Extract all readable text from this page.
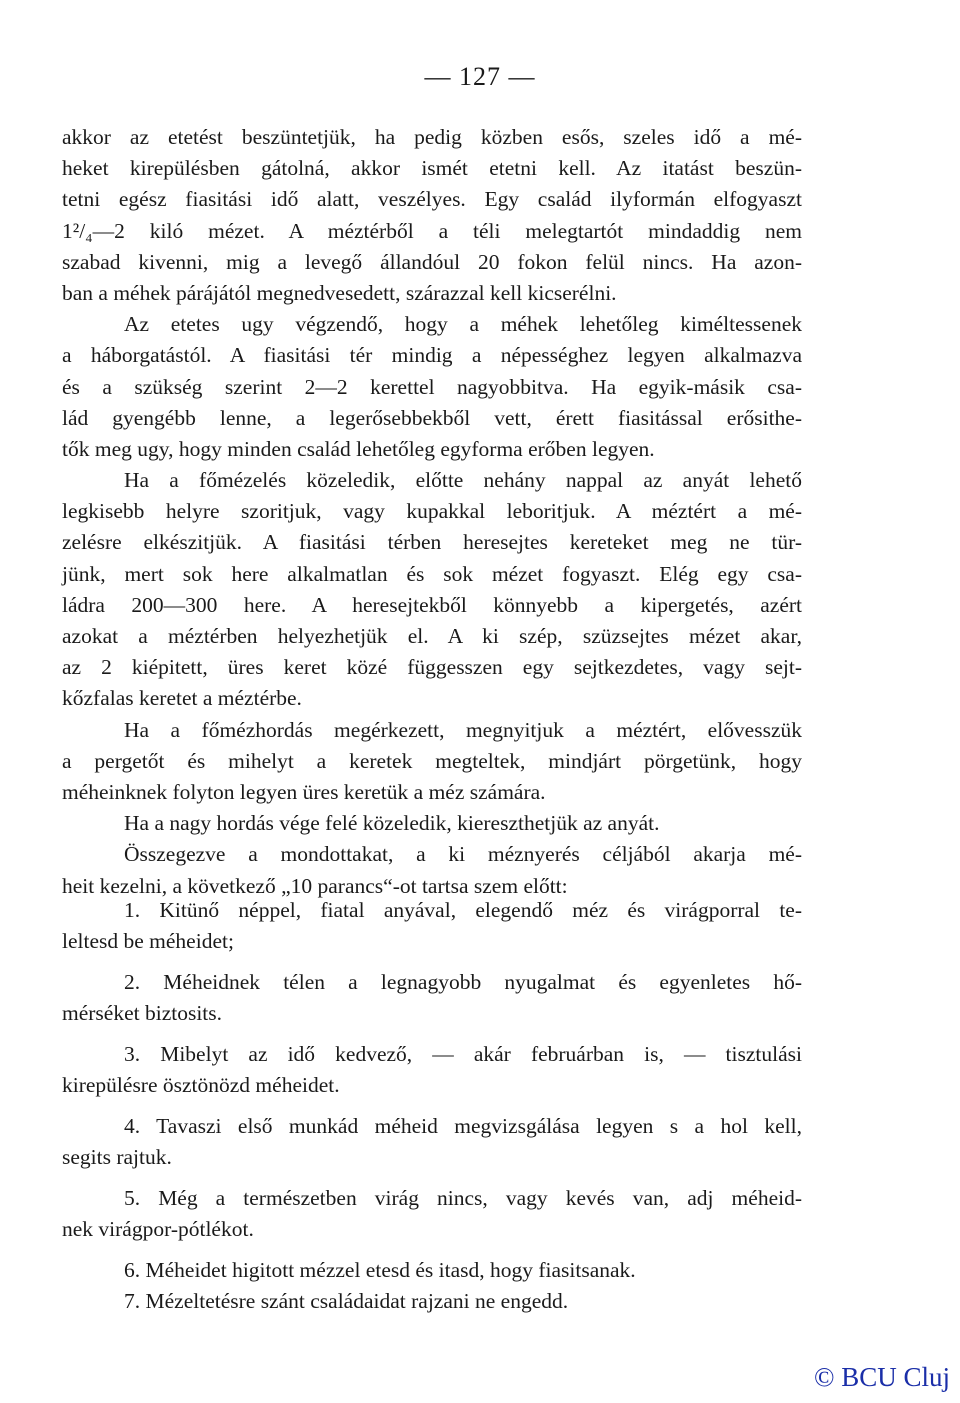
— 127 —
akkor az etetést beszüntetjük, ha pedig közben esős, szeles idő a mé-
heket kirepülésben gátolná, akkor ismét etetni kell. Az itatást beszün-
tetni egész fiasitási idő alatt, veszélyes. Egy család ilyformán elfogyaszt
1²/₄—2 kiló mézet. A méztérből a téli melegtartót mindaddig nem
szabad kivenni, mig a levegő állandóul 20 fokon felül nincs. Ha azon-
ban a méhek párájától megnedvesedett, szárazzal kell kicserélni.
Az etetes ugy végzendő, hogy a méhek lehetőleg kiméltessenek
a háborgatástól. A fiasitási tér mindig a népességhez legyen alkalmazva
és a szükség szerint 2—2 kerettel nagyobbitva. Ha egyik-másik csa-
lád gyengébb lenne, a legerősebbekből vett, érett fiasitással erősithe-
tők meg ugy, hogy minden család lehetőleg egyforma erőben legyen.
Ha a főmézelés közeledik, előtte nehány nappal az anyát lehető
legkisebb helyre szoritjuk, vagy kupakkal leboritjuk. A méztért a mé-
zelésre elkészitjük. A fiasitási térben heresejtes kereteket meg ne tür-
jünk, mert sok here alkalmatlan és sok mézet fogyaszt. Elég egy csa-
ládra 200—300 here. A heresejtekből könnyebb a kipergetés, azért
azokat a méztérben helyezhetjük el. A ki szép, szüzsejtes mézet akar,
az 2 kiépitett, üres keret közé függesszen egy sejtkezdetes, vagy sejt-
kőzfalas keretet a méztérbe.
Ha a főmézhordás megérkezett, megnyitjuk a méztért, elővesszük
a pergetőt és mihelyt a keretek megteltek, mindjárt pörgetünk, hogy
méheinknek folyton legyen üres keretük a méz számára.
Ha a nagy hordás vége felé közeledik, kiereszthetjük az anyát.
Összegezve a mondottakat, a ki méznyerés céljából akarja mé-
heit kezelni, a következő „10 parancs“-ot tartsa szem előtt:
1. Kitünő néppel, fiatal anyával, elegendő méz és virágporral te-
leltesd be méheidet;
2. Méheidnek télen a legnagyobb nyugalmat és egyenletes hő-
mérséket biztosits.
3. Mibelyt az idő kedvező, — akár februárban is, — tisztulási
kirepülésre ösztönözd méheidet.
4. Tavaszi első munkád méheid megvizsgálása legyen s a hol kell,
segits rajtuk.
5. Még a természetben virág nincs, vagy kevés van, adj méheid-
nek virágpor-pótlékot.
6. Méheidet higitott mézzel etesd és itasd, hogy fiasitsanak.
7. Mézeltetésre szánt családaidat rajzani ne engedd.
© BCU Cluj
